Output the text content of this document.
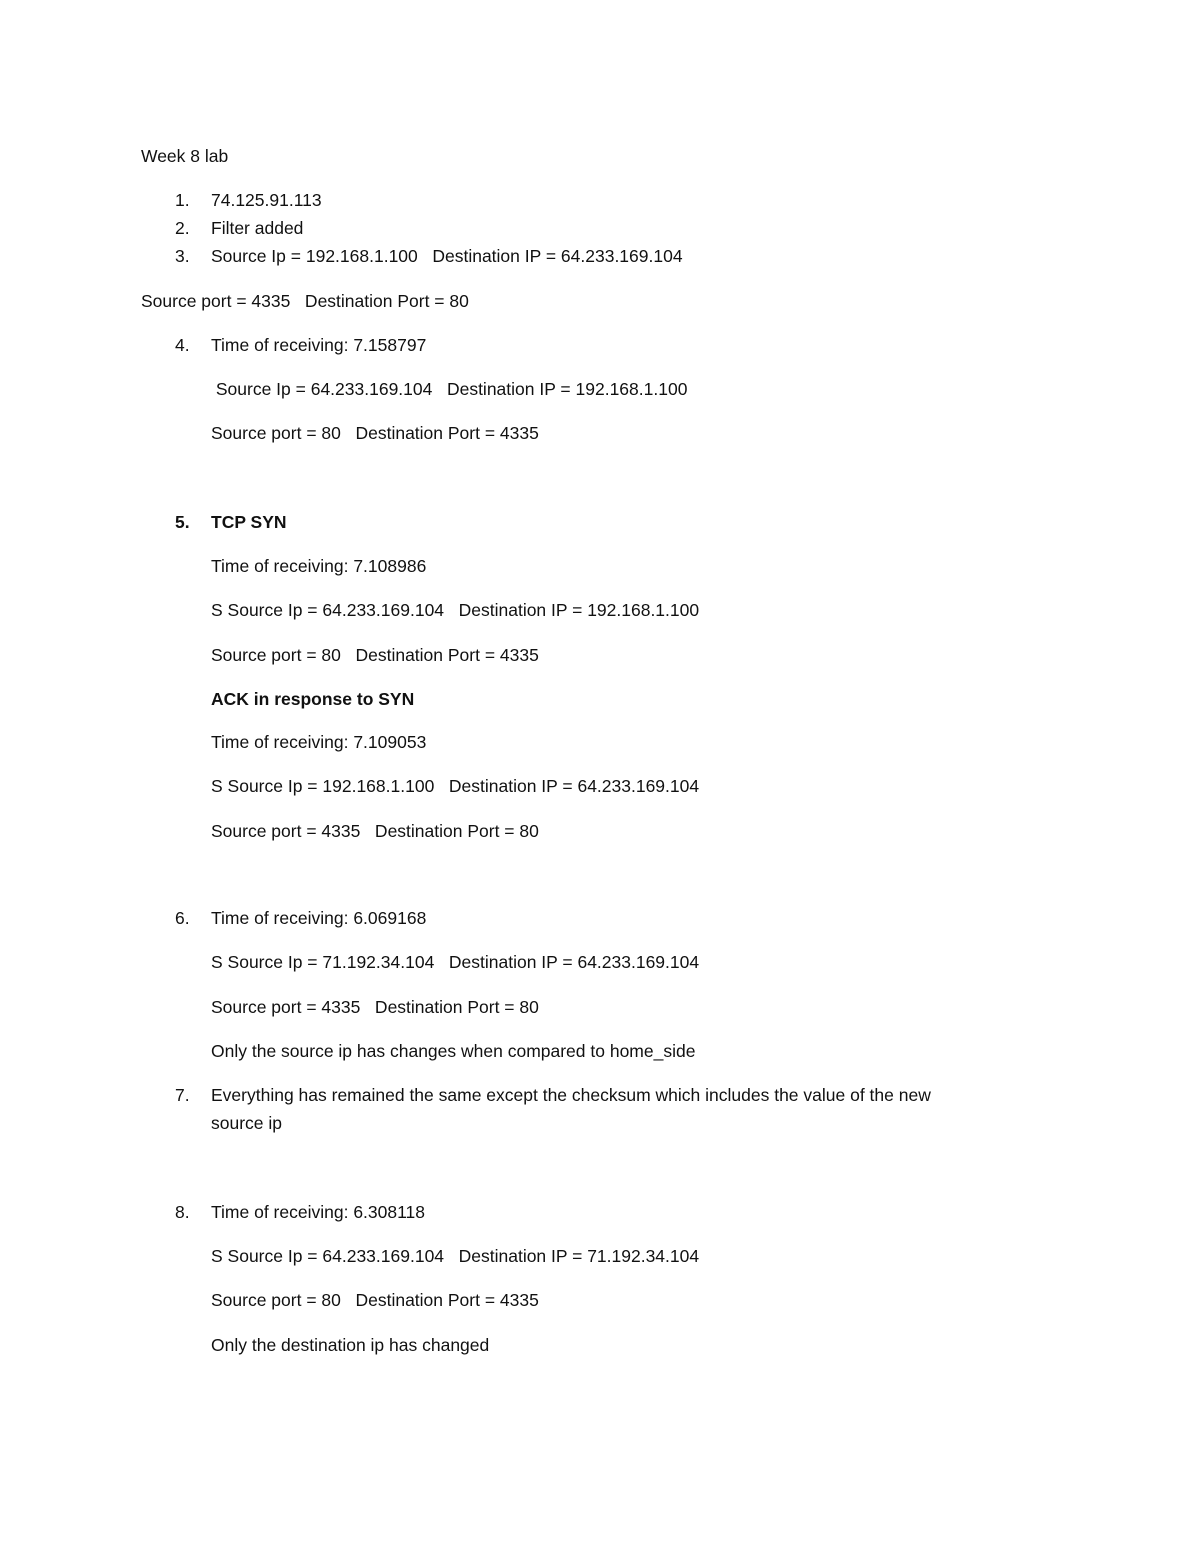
Week 8 lab
1.	74.125.91.113
2.	Filter added
3.	Source Ip = 192.168.1.100   Destination IP = 64.233.169.104
Source port = 4335   Destination Port = 80
4.	Time of receiving: 7.158797
Source Ip = 64.233.169.104   Destination IP = 192.168.1.100
Source port = 80   Destination Port = 4335
5.	TCP SYN
Time of receiving: 7.108986
S Source Ip = 64.233.169.104   Destination IP = 192.168.1.100
Source port = 80   Destination Port = 4335
ACK in response to SYN
Time of receiving: 7.109053
S Source Ip = 192.168.1.100   Destination IP = 64.233.169.104
Source port = 4335   Destination Port = 80
6.	Time of receiving: 6.069168
S Source Ip = 71.192.34.104   Destination IP = 64.233.169.104
Source port = 4335   Destination Port = 80
Only the source ip has changes when compared to home_side
7.	Everything has remained the same except the checksum which includes the value of the new
source ip
8.	Time of receiving: 6.308118
S Source Ip = 64.233.169.104   Destination IP = 71.192.34.104
Source port = 80   Destination Port = 4335
Only the destination ip has changed
